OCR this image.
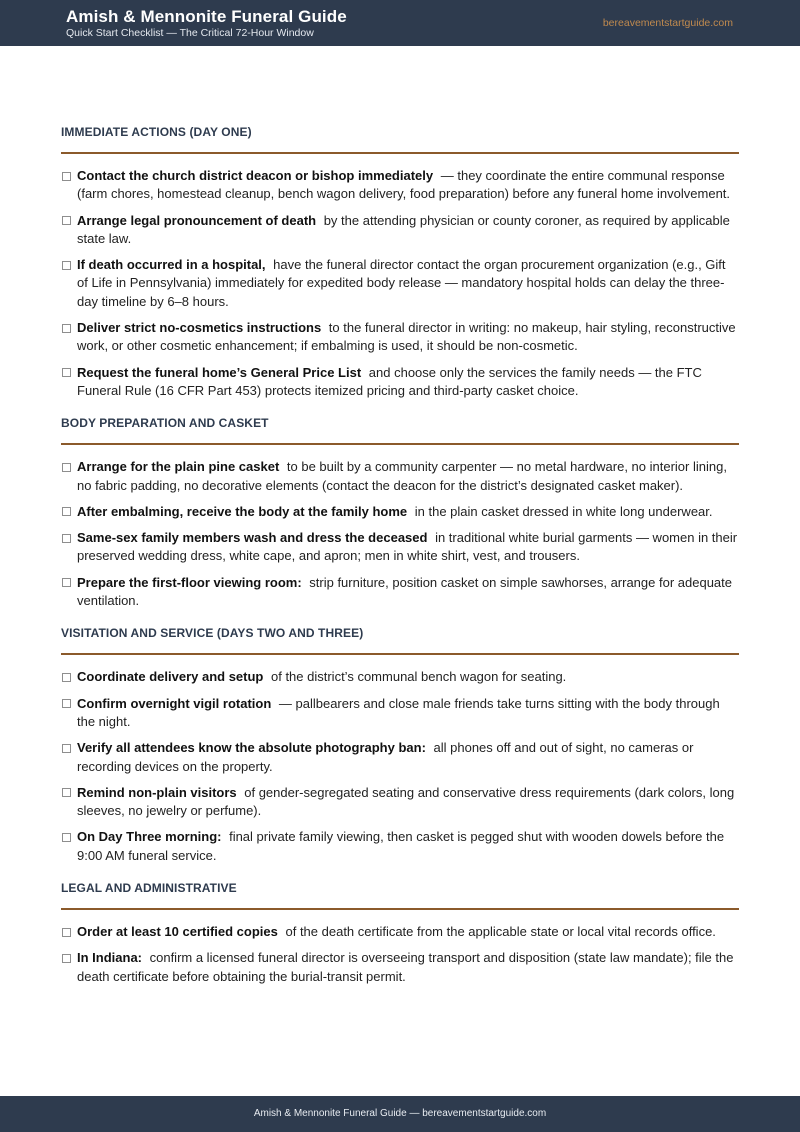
Amish & Mennonite Funeral Guide
Quick Start Checklist — The Critical 72-Hour Window
bereavementstartguide.com
IMMEDIATE ACTIONS (DAY ONE)
Contact the church district deacon or bishop immediately — they coordinate the entire communal response (farm chores, homestead cleanup, bench wagon delivery, food preparation) before any funeral home involvement.
Arrange legal pronouncement of death by the attending physician or county coroner, as required by applicable state law.
If death occurred in a hospital, have the funeral director contact the organ procurement organization (e.g., Gift of Life in Pennsylvania) immediately for expedited body release — mandatory hospital holds can delay the three-day timeline by 6–8 hours.
Deliver strict no-cosmetics instructions to the funeral director in writing: no makeup, hair styling, reconstructive work, or other cosmetic enhancement; if embalming is used, it should be non-cosmetic.
Request the funeral home’s General Price List and choose only the services the family needs — the FTC Funeral Rule (16 CFR Part 453) protects itemized pricing and third-party casket choice.
BODY PREPARATION AND CASKET
Arrange for the plain pine casket to be built by a community carpenter — no metal hardware, no interior lining, no fabric padding, no decorative elements (contact the deacon for the district’s designated casket maker).
After embalming, receive the body at the family home in the plain casket dressed in white long underwear.
Same-sex family members wash and dress the deceased in traditional white burial garments — women in their preserved wedding dress, white cape, and apron; men in white shirt, vest, and trousers.
Prepare the first-floor viewing room: strip furniture, position casket on simple sawhorses, arrange for adequate ventilation.
VISITATION AND SERVICE (DAYS TWO AND THREE)
Coordinate delivery and setup of the district’s communal bench wagon for seating.
Confirm overnight vigil rotation — pallbearers and close male friends take turns sitting with the body through the night.
Verify all attendees know the absolute photography ban: all phones off and out of sight, no cameras or recording devices on the property.
Remind non-plain visitors of gender-segregated seating and conservative dress requirements (dark colors, long sleeves, no jewelry or perfume).
On Day Three morning: final private family viewing, then casket is pegged shut with wooden dowels before the 9:00 AM funeral service.
LEGAL AND ADMINISTRATIVE
Order at least 10 certified copies of the death certificate from the applicable state or local vital records office.
In Indiana: confirm a licensed funeral director is overseeing transport and disposition (state law mandate); file the death certificate before obtaining the burial-transit permit.
Amish & Mennonite Funeral Guide — bereavementstartguide.com
